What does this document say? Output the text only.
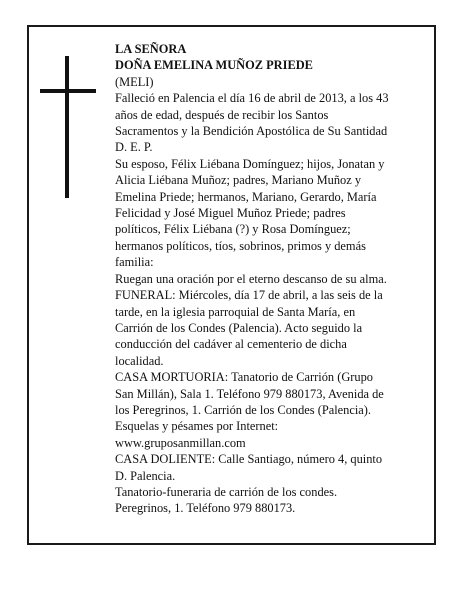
LA SEÑORA
DOÑA EMELINA MUÑOZ PRIEDE
(MELI)
Falleció en Palencia el día 16 de abril de 2013, a los 43
años de edad, después de recibir los Santos
Sacramentos y la Bendición Apostólica de Su Santidad
D. E. P.
Su esposo, Félix Liébana Domínguez; hijos, Jonatan y
Alicia Liébana Muñoz; padres, Mariano Muñoz y
Emelina Priede; hermanos, Mariano, Gerardo, María
Felicidad y José Miguel Muñoz Priede; padres
políticos, Félix Liébana (?) y Rosa Domínguez;
hermanos políticos, tíos, sobrinos, primos y demás
familia:
Ruegan una oración por el eterno descanso de su alma.
FUNERAL: Miércoles, día 17 de abril, a las seis de la
tarde, en la iglesia parroquial de Santa María, en
Carrión de los Condes (Palencia). Acto seguido la
conducción del cadáver al cementerio de dicha
localidad.
CASA MORTUORIA: Tanatorio de Carrión (Grupo
San Millán), Sala 1. Teléfono 979 880173, Avenida de
los Peregrinos, 1. Carrión de los Condes (Palencia).
Esquelas y pésames por Internet:
www.gruposanmillan.com
CASA DOLIENTE: Calle Santiago, número 4, quinto
D. Palencia.
Tanatorio-funeraria de carrión de los condes.
Peregrinos, 1. Teléfono 979 880173.
